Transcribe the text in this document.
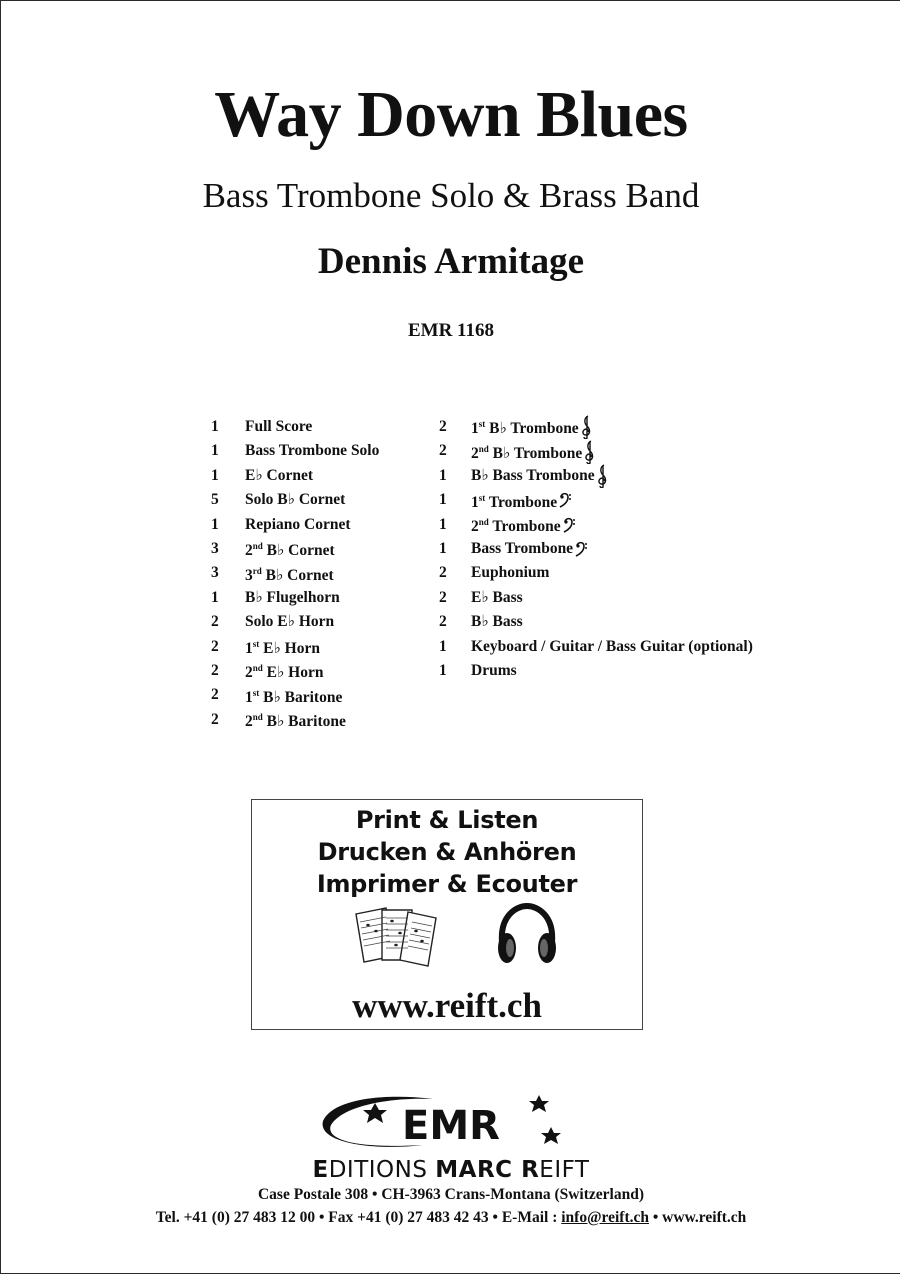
Way Down Blues
Bass Trombone Solo & Brass Band
Dennis Armitage
EMR 1168
1	Full Score
1	Bass Trombone Solo
1	E♭ Cornet
5	Solo B♭ Cornet
1	Repiano Cornet
3	2nd B♭ Cornet
3	3rd B♭ Cornet
1	B♭ Flugelhorn
2	Solo E♭ Horn
2	1st E♭ Horn
2	2nd E♭ Horn
2	1st B♭ Baritone
2	2nd B♭ Baritone
2	1st B♭ Trombone
2	2nd B♭ Trombone
1	B♭ Bass Trombone
1	1st Trombone
1	2nd Trombone
1	Bass Trombone
2	Euphonium
2	E♭ Bass
2	B♭ Bass
1	Keyboard / Guitar / Bass Guitar (optional)
1	Drums
Print & Listen
Drucken & Anhören
Imprimer & Ecouter
www.reift.ch
EMR
EDITIONS MARC REIFT
Case Postale 308 • CH-3963 Crans-Montana (Switzerland)
Tel. +41 (0) 27 483 12 00 • Fax +41 (0) 27 483 42 43 • E-Mail : info@reift.ch • www.reift.ch
